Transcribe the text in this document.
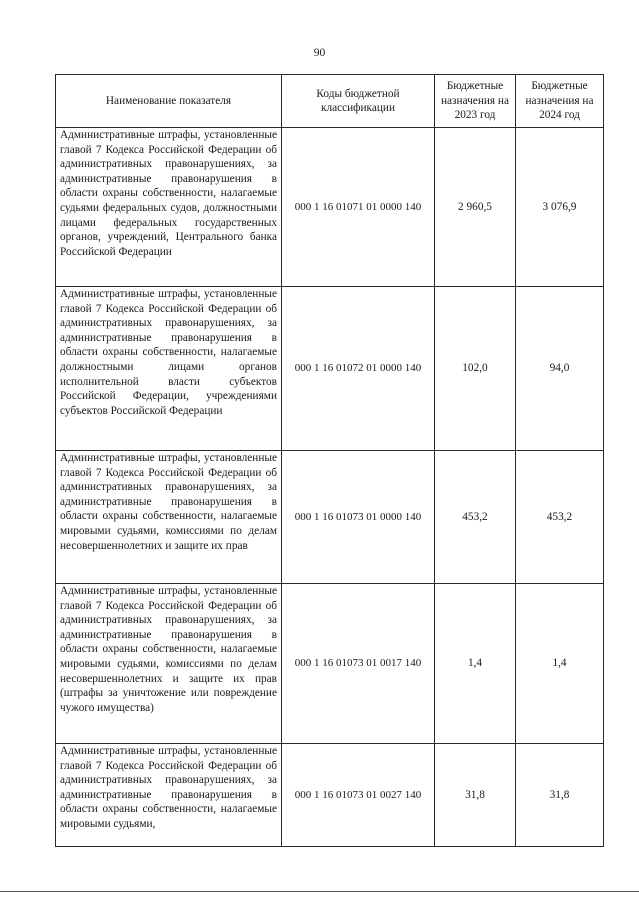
90
Наименование показателя	Коды бюджетной классификации	Бюджетные назначения на 2023 год	Бюджетные назначения на 2024 год
Административные штрафы, установленные главой 7 Кодекса Российской Федерации об административных правонарушениях, за административные правонарушения в области охраны собственности, налагаемые судьями федеральных судов, должностными лицами федеральных государственных органов, учреждений, Центрального банка Российской Федерации	000 1 16 01071 01 0000 140	2 960,5	3 076,9
Административные штрафы, установленные главой 7 Кодекса Российской Федерации об административных правонарушениях, за административные правонарушения в области охраны собственности, налагаемые должностными лицами органов исполнительной власти субъектов Российской Федерации, учреждениями субъектов Российской Федерации	000 1 16 01072 01 0000 140	102,0	94,0
Административные штрафы, установленные главой 7 Кодекса Российской Федерации об административных правонарушениях, за административные правонарушения в области охраны собственности, налагаемые мировыми судьями, комиссиями по делам несовершеннолетних и защите их прав	000 1 16 01073 01 0000 140	453,2	453,2
Административные штрафы, установленные главой 7 Кодекса Российской Федерации об административных правонарушениях, за административные правонарушения в области охраны собственности, налагаемые мировыми судьями, комиссиями по делам несовершеннолетних и защите их прав (штрафы за уничтожение или повреждение чужого имущества)	000 1 16 01073 01 0017 140	1,4	1,4
Административные штрафы, установленные главой 7 Кодекса Российской Федерации об административных правонарушениях, за административные правонарушения в области охраны собственности, налагаемые мировыми судьями,	000 1 16 01073 01 0027 140	31,8	31,8
